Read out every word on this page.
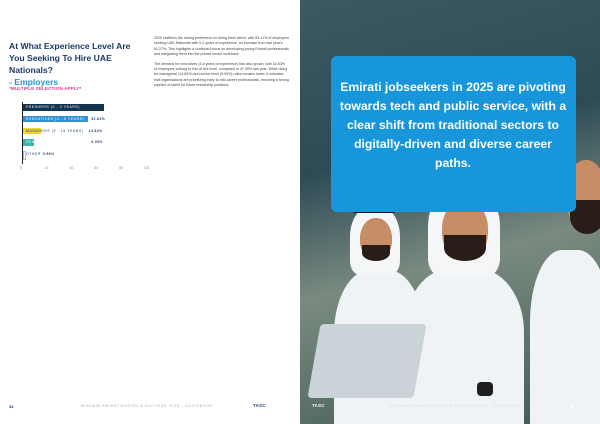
At What Experience Level Are You Seeking To Hire UAE Nationals?
- Employers
*MULTIPLE SELECTION APPLY*

2025 reaffirms the strong preference for hiring fresh talent, with 65.41% of employers seeking UAE Nationals with 0-2 years of experience, an increase from last year's 61.27%. This highlights a continued focus on developing young Emirati professionals and integrating them into the private sector workforce.

The demand for executives (3-6 years of experience) has also grown, with 52.63% of employers looking to hire at this level, compared to 47.35% last year. While hiring for managerial (14.83%) and senior-level (9.09%) roles remains lower, it indicates that organisations are prioritizing early to mid-career professionals, ensuring a strong pipeline of talent for future leadership positions.

FRESHERS (0 - 2 YEARS)	65.41%
EXECUTIVES (3 - 6 YEARS) 52.63%
MANAGERS (9 - 15 YEARS) 14.83%
SENIOR LEVEL (15+ YEARS) 9.09%
OTHER 0.96%
0	20	40	60	80	100
34	MISHAIB EMIRATISATION & SUCCESS 2025 - GUIDEBOOK	TASC
Emirati jobseekers in 2025 are pivoting towards tech and public service, with a clear shift from traditional sectors to digitally-driven and diverse career paths.
TASC	MISHAIB EMIRATISATION & SUCCESS 2025 - GUIDEBOOK	35
